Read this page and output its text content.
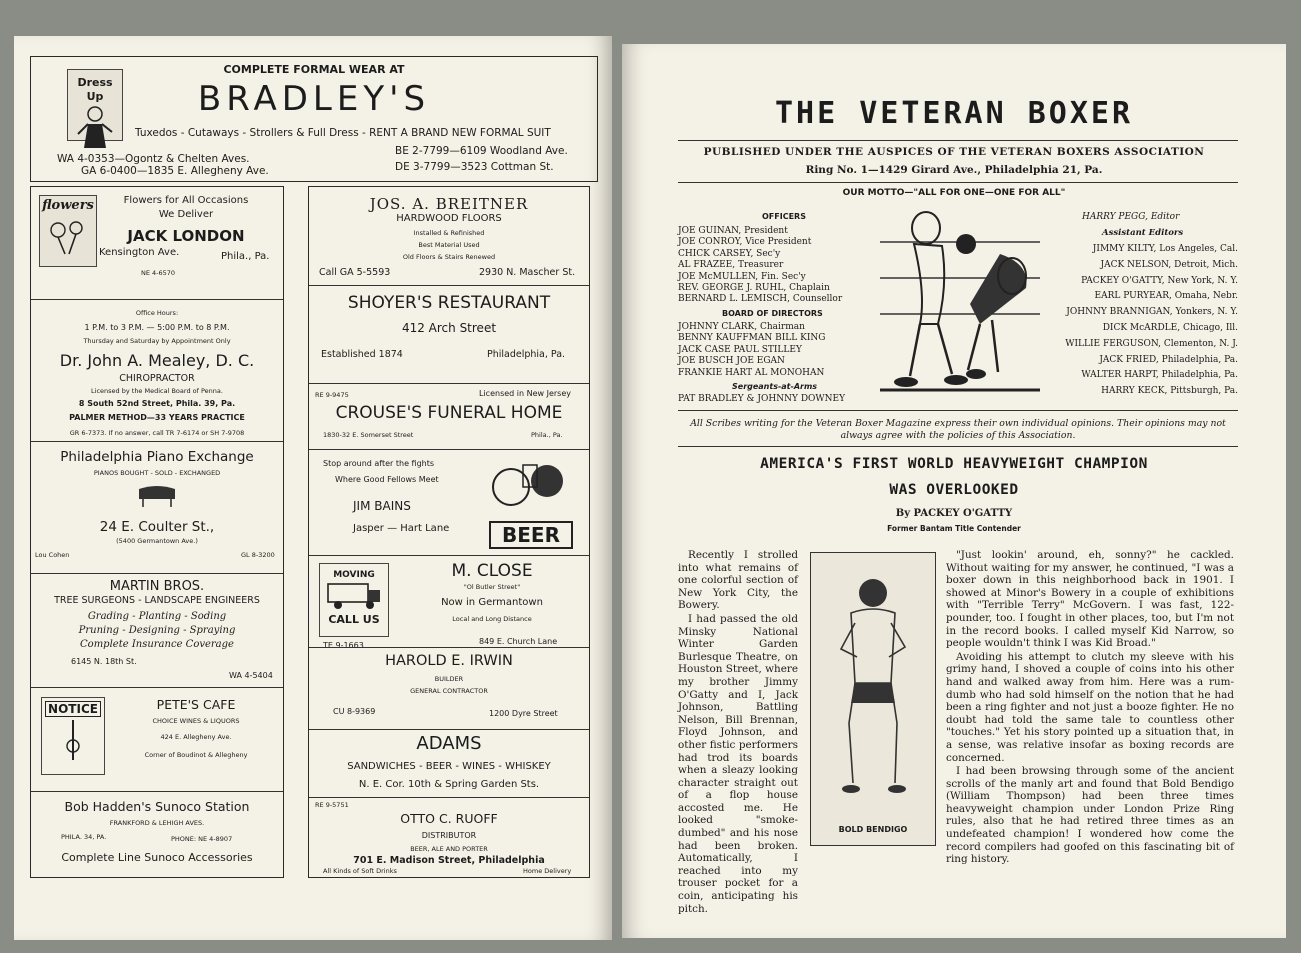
COMPLETE FORMAL WEAR AT
BRADLEY'S
Dress Up
Tuxedos - Cutaways - Strollers & Full Dress - RENT A BRAND NEW FORMAL SUIT
BE 2-7799—6109 Woodland Ave.
WA 4-0353—Ogontz & Chelten Aves.
DE 3-7799—3523 Cottman St.
GA 6-0400—1835 E. Allegheny Ave.
Flowers for All Occasions
We Deliver
flowers
JACK LONDON
Kensington Ave.	Phila., Pa.
NE 4-6570
Office Hours:
1 P.M. to 3 P.M. — 5:00 P.M. to 8 P.M.
Thursday and Saturday by Appointment Only
Dr. John A. Mealey, D. C.
CHIROPRACTOR
Licensed by the Medical Board of Penna.
8 South 52nd Street, Phila. 39, Pa.
PALMER METHOD—33 YEARS PRACTICE
GR 6-7373. If no answer, call TR 7-6174 or SH 7-9708
Philadelphia Piano Exchange
PIANOS BOUGHT - SOLD - EXCHANGED
24 E. Coulter St.,
(5400 Germantown Ave.)
Lou Cohen	GL 8-3200
MARTIN BROS.
TREE SURGEONS - LANDSCAPE ENGINEERS
Grading - Planting - Soding
Pruning - Designing - Spraying
Complete Insurance Coverage
6145 N. 18th St.
WA 4-5404
NOTICE	PETE'S CAFE
CHOICE WINES & LIQUORS
424 E. Allegheny Ave.
Corner of Boudinot & Allegheny
Bob Hadden's Sunoco Station
FRANKFORD & LEHIGH AVES.
PHILA. 34, PA.	PHONE: NE 4-8907
Complete Line Sunoco Accessories
JOS. A. BREITNER
HARDWOOD FLOORS
Installed & Refinished
Best Material Used
Old Floors & Stairs Renewed
Call GA 5-5593	2930 N. Mascher St.
SHOYER'S RESTAURANT
412 Arch Street
Established 1874	Philadelphia, Pa.
RE 9-9475	Licensed in New Jersey
CROUSE'S FUNERAL HOME
1830-32 E. Somerset Street	Phila., Pa.
Stop around after the fights
Where Good Fellows Meet
JIM BAINS
Jasper — Hart Lane	BEER
MOVING
CALL US
M. CLOSE
"Ol Butler Street"
Now in Germantown
Local and Long Distance
TE 9-1663	849 E. Church Lane
HAROLD E. IRWIN
BUILDER
GENERAL CONTRACTOR
CU 8-9369	1200 Dyre Street
ADAMS
SANDWICHES - BEER - WINES - WHISKEY
N. E. Cor. 10th & Spring Garden Sts.
RE 9-5751
OTTO C. RUOFF
DISTRIBUTOR
BEER, ALE AND PORTER
701 E. Madison Street, Philadelphia
All Kinds of Soft Drinks	Home Delivery
THE VETERAN BOXER
PUBLISHED UNDER THE AUSPICES OF THE VETERAN BOXERS ASSOCIATION
Ring No. 1—1429 Girard Ave., Philadelphia 21, Pa.
OUR MOTTO—"ALL FOR ONE—ONE FOR ALL"
OFFICERS
JOE GUINAN, President
JOE CONROY, Vice President
CHICK CARSEY, Sec'y
AL FRAZEE, Treasurer
JOE McMULLEN, Fin. Sec'y
REV. GEORGE J. RUHL, Chaplain
BERNARD L. LEMISCH, Counsellor
BOARD OF DIRECTORS
JOHNNY CLARK, Chairman
BENNY KAUFFMAN BILL KING
JACK CASE PAUL STILLEY
JOE BUSCH JOE EGAN
FRANKIE HART AL MONOHAN
Sergeants-at-Arms
PAT BRADLEY & JOHNNY DOWNEY
HARRY PEGG, Editor
Assistant Editors
JIMMY KILTY, Los Angeles, Cal.
JACK NELSON, Detroit, Mich.
PACKEY O'GATTY, New York, N. Y.
EARL PURYEAR, Omaha, Nebr.
JOHNNY BRANNIGAN, Yonkers, N. Y.
DICK McARDLE, Chicago, Ill.
WILLIE FERGUSON, Clementon, N. J.
JACK FRIED, Philadelphia, Pa.
WALTER HARPT, Philadelphia, Pa.
HARRY KECK, Pittsburgh, Pa.
All Scribes writing for the Veteran Boxer Magazine express their own individual opinions. Their opinions may not always agree with the policies of this Association.
AMERICA'S FIRST WORLD HEAVYWEIGHT CHAMPION
WAS OVERLOOKED
By PACKEY O'GATTY
Former Bantam Title Contender

Recently I strolled into what remains of one colorful section of New York City, the Bowery.

I had passed the old Minsky National Winter Garden Burlesque Theatre, on Houston Street, where my brother Jimmy O'Gatty and I, Jack Johnson, Battling Nelson, Bill Brennan, Floyd Johnson, and other fistic performers had trod its boards when a sleazy looking character straight out of a flop house accosted me. He looked "smoke-dumbed" and his nose had been broken. Automatically, I reached into my trouser pocket for a coin, anticipating his pitch.

BOLD BENDIGO

"Just lookin' around, eh, sonny?" he cackled. Without waiting for my answer, he continued, "I was a boxer down in this neighborhood back in 1901. I showed at Minor's Bowery in a couple of exhibitions with "Terrible Terry" McGovern. I was fast, 122-pounder, too. I fought in other places, too, but I'm not in the record books. I called myself Kid Narrow, so people wouldn't think I was Kid Broad."

Avoiding his attempt to clutch my sleeve with his grimy hand, I shoved a couple of coins into his other hand and walked away from him. Here was a rum-dumb who had sold himself on the notion that he had been a ring fighter and not just a booze fighter. He no doubt had told the same tale to countless other "touches." Yet his story pointed up a situation that, in a sense, was relative insofar as boxing records are concerned.

I had been browsing through some of the ancient scrolls of the manly art and found that Bold Bendigo (William Thompson) had been three times heavyweight champion under London Prize Ring rules, also that he had retired three times as an undefeated champion! I wondered how come the record compilers had goofed on this fascinating bit of ring history.
